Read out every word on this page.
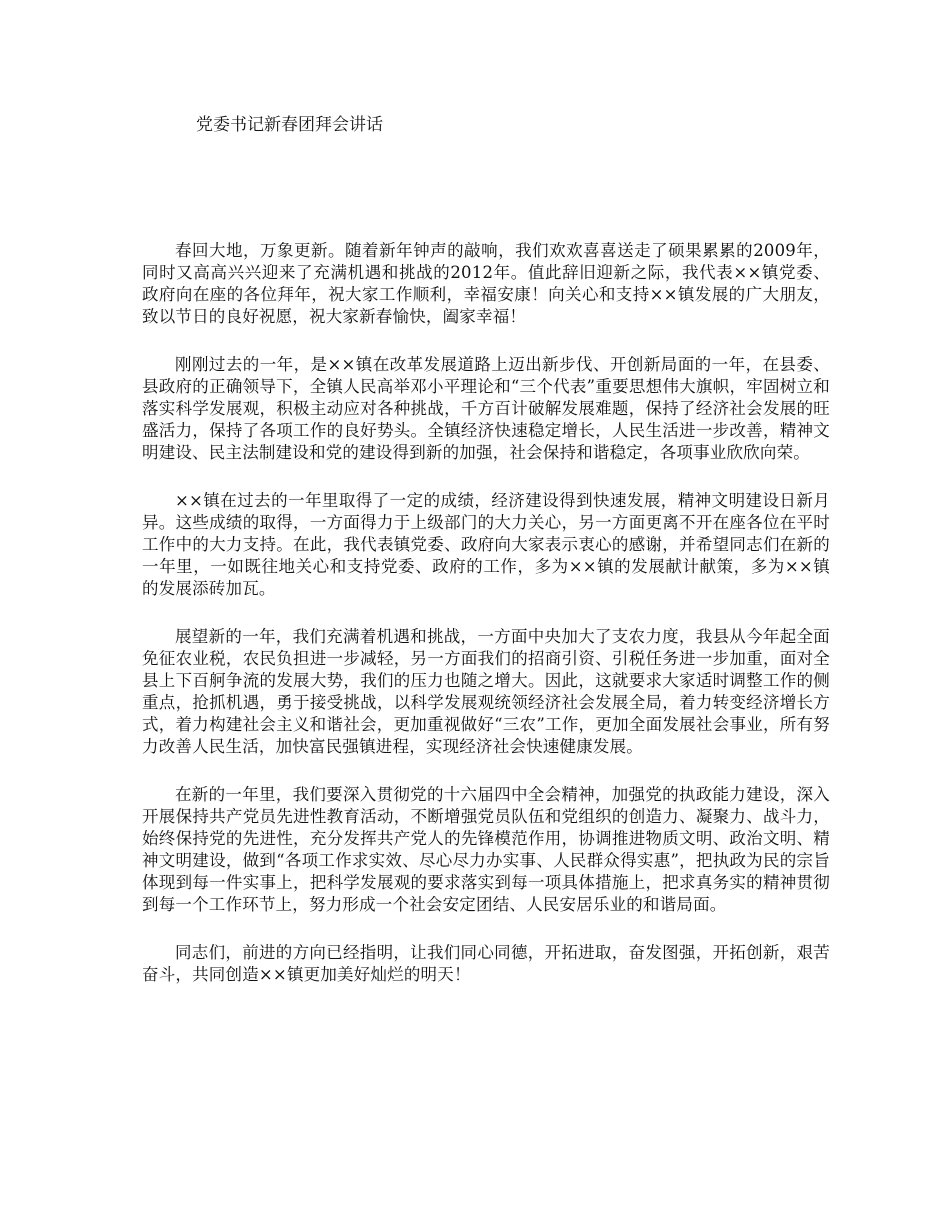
党委书记新春团拜会讲话

春回大地，万象更新。随着新年钟声的敲响，我们欢欢喜喜送走了硕果累累的2009年，同时又高高兴兴迎来了充满机遇和挑战的2012年。值此辞旧迎新之际，我代表××镇党委、政府向在座的各位拜年，祝大家工作顺利，幸福安康！向关心和支持××镇发展的广大朋友，致以节日的良好祝愿，祝大家新春愉快，阖家幸福！

刚刚过去的一年，是××镇在改革发展道路上迈出新步伐、开创新局面的一年，在县委、县政府的正确领导下，全镇人民高举邓小平理论和“三个代表”重要思想伟大旗帜，牢固树立和落实科学发展观，积极主动应对各种挑战，千方百计破解发展难题，保持了经济社会发展的旺盛活力，保持了各项工作的良好势头。全镇经济快速稳定增长，人民生活进一步改善，精神文明建设、民主法制建设和党的建设得到新的加强，社会保持和谐稳定，各项事业欣欣向荣。

××镇在过去的一年里取得了一定的成绩，经济建设得到快速发展，精神文明建设日新月异。这些成绩的取得，一方面得力于上级部门的大力关心，另一方面更离不开在座各位在平时工作中的大力支持。在此，我代表镇党委、政府向大家表示衷心的感谢，并希望同志们在新的一年里，一如既往地关心和支持党委、政府的工作，多为××镇的发展献计献策，多为××镇的发展添砖加瓦。

展望新的一年，我们充满着机遇和挑战，一方面中央加大了支农力度，我县从今年起全面免征农业税，农民负担进一步减轻，另一方面我们的招商引资、引税任务进一步加重，面对全县上下百舸争流的发展大势，我们的压力也随之增大。因此，这就要求大家适时调整工作的侧重点，抢抓机遇，勇于接受挑战，以科学发展观统领经济社会发展全局，着力转变经济增长方式，着力构建社会主义和谐社会，更加重视做好“三农”工作，更加全面发展社会事业，所有努力改善人民生活，加快富民强镇进程，实现经济社会快速健康发展。

在新的一年里，我们要深入贯彻党的十六届四中全会精神，加强党的执政能力建设，深入开展保持共产党员先进性教育活动，不断增强党员队伍和党组织的创造力、凝聚力、战斗力，始终保持党的先进性，充分发挥共产党人的先锋模范作用，协调推进物质文明、政治文明、精神文明建设，做到“各项工作求实效、尽心尽力办实事、人民群众得实惠”，把执政为民的宗旨体现到每一件实事上，把科学发展观的要求落实到每一项具体措施上，把求真务实的精神贯彻到每一个工作环节上，努力形成一个社会安定团结、人民安居乐业的和谐局面。

同志们，前进的方向已经指明，让我们同心同德，开拓进取，奋发图强，开拓创新，艰苦奋斗，共同创造××镇更加美好灿烂的明天！
